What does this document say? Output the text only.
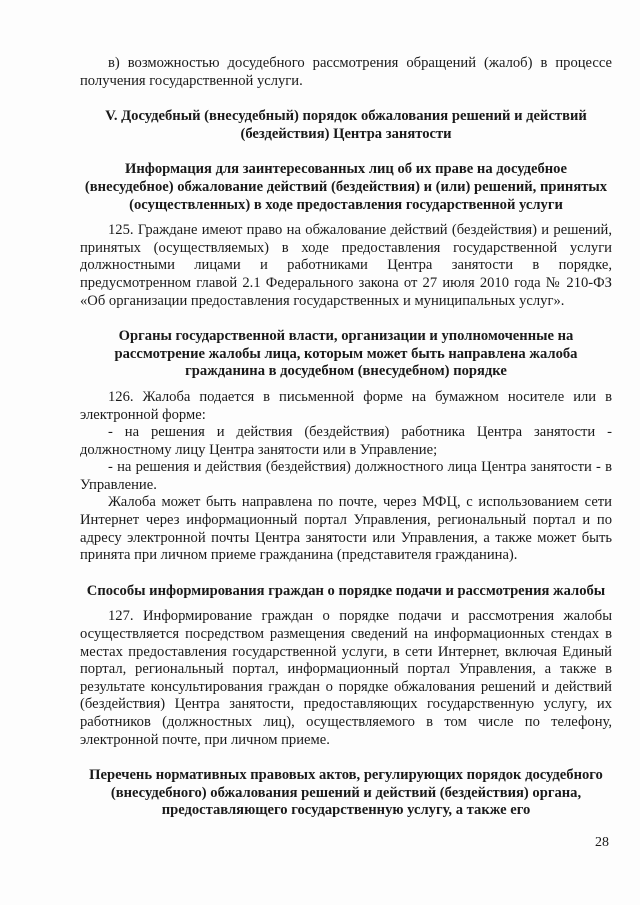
в) возможностью досудебного рассмотрения обращений (жалоб) в процессе получения государственной услуги.

V. Досудебный (внесудебный) порядок обжалования решений и действий (бездействия) Центра занятости

Информация для заинтересованных лиц об их праве на досудебное (внесудебное) обжалование действий (бездействия) и (или) решений, принятых (осуществленных) в ходе предоставления государственной услуги

125. Граждане имеют право на обжалование действий (бездействия) и решений, принятых (осуществляемых) в ходе предоставления государственной услуги должностными лицами и работниками Центра занятости в порядке, предусмотренном главой 2.1 Федерального закона от 27 июля 2010 года № 210-ФЗ «Об организации предоставления государственных и муниципальных услуг».

Органы государственной власти, организации и уполномоченные на рассмотрение жалобы лица, которым может быть направлена жалоба гражданина в досудебном (внесудебном) порядке

126. Жалоба подается в письменной форме на бумажном носителе или в электронной форме:

- на решения и действия (бездействия) работника Центра занятости - должностному лицу Центра занятости или в Управление;

- на решения и действия (бездействия) должностного лица Центра занятости - в Управление.

Жалоба может быть направлена по почте, через МФЦ, с использованием сети Интернет через информационный портал Управления, региональный портал и по адресу электронной почты Центра занятости или Управления, а также может быть принята при личном приеме гражданина (представителя гражданина).

Способы информирования граждан о порядке подачи и рассмотрения жалобы

127. Информирование граждан о порядке подачи и рассмотрения жалобы осуществляется посредством размещения сведений на информационных стендах в местах предоставления государственной услуги, в сети Интернет, включая Единый портал, региональный портал, информационный портал Управления, а также в результате консультирования граждан о порядке обжалования решений и действий (бездействия) Центра занятости, предоставляющих государственную услугу, их работников (должностных лиц), осуществляемого в том числе по телефону, электронной почте, при личном приеме.

Перечень нормативных правовых актов, регулирующих порядок досудебного (внесудебного) обжалования решений и действий (бездействия) органа, предоставляющего государственную услугу, а также его

28
